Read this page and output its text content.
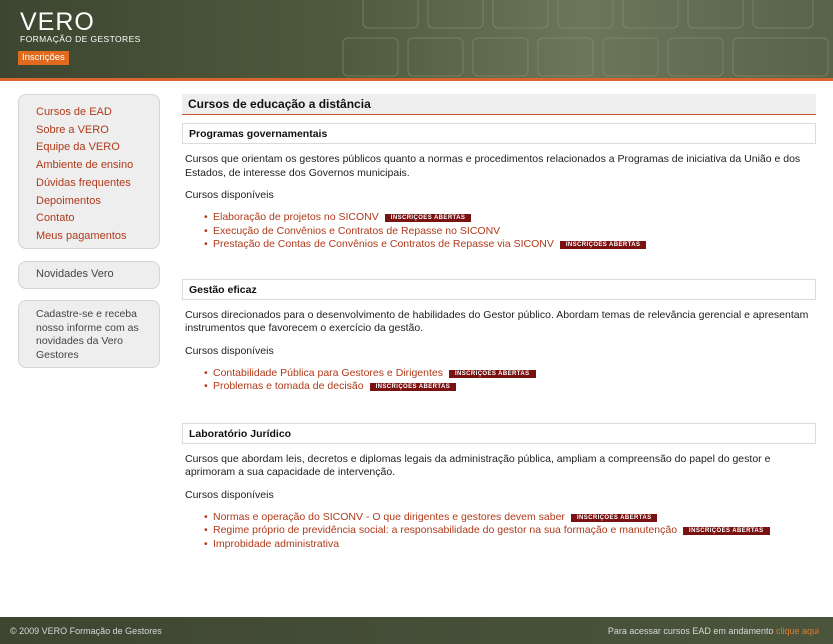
VERO
FORMAÇÃO DE GESTORES
Inscrições
Cursos de EAD
Sobre a VERO
Equipe da VERO
Ambiente de ensino
Dúvidas frequentes
Depoimentos
Contato
Meus pagamentos
Novidades Vero
Cadastre-se e receba nosso informe com as novidades da Vero Gestores
Cursos de educação a distância
Programas governamentais
Cursos que orientam os gestores públicos quanto a normas e procedimentos relacionados a Programas de iniciativa da União e dos Estados, de interesse dos Governos municipais.
Cursos disponíveis
• Elaboração de projetos no SICONV INSCRIÇÕES ABERTAS
• Execução de Convênios e Contratos de Repasse no SICONV
• Prestação de Contas de Convênios e Contratos de Repasse via SICONV INSCRIÇÕES ABERTAS
Gestão eficaz
Cursos direcionados para o desenvolvimento de habilidades do Gestor público. Abordam temas de relevância gerencial e apresentam instrumentos que favorecem o exercício da gestão.
Cursos disponíveis
• Contabilidade Pública para Gestores e Dirigentes INSCRIÇÕES ABERTAS
• Problemas e tomada de decisão INSCRIÇÕES ABERTAS
Laboratório Jurídico
Cursos que abordam leis, decretos e diplomas legais da administração pública, ampliam a compreensão do papel do gestor e aprimoram a sua capacidade de intervenção.
Cursos disponíveis
• Normas e operação do SICONV - O que dirigentes e gestores devem saber INSCRIÇÕES ABERTAS
• Regime próprio de previdência social: a responsabilidade do gestor na sua formação e manutenção INSCRIÇÕES ABERTAS
• Improbidade administrativa
© 2009 VERO Formação de Gestores	Para acessar cursos EAD em andamento clique aqui
